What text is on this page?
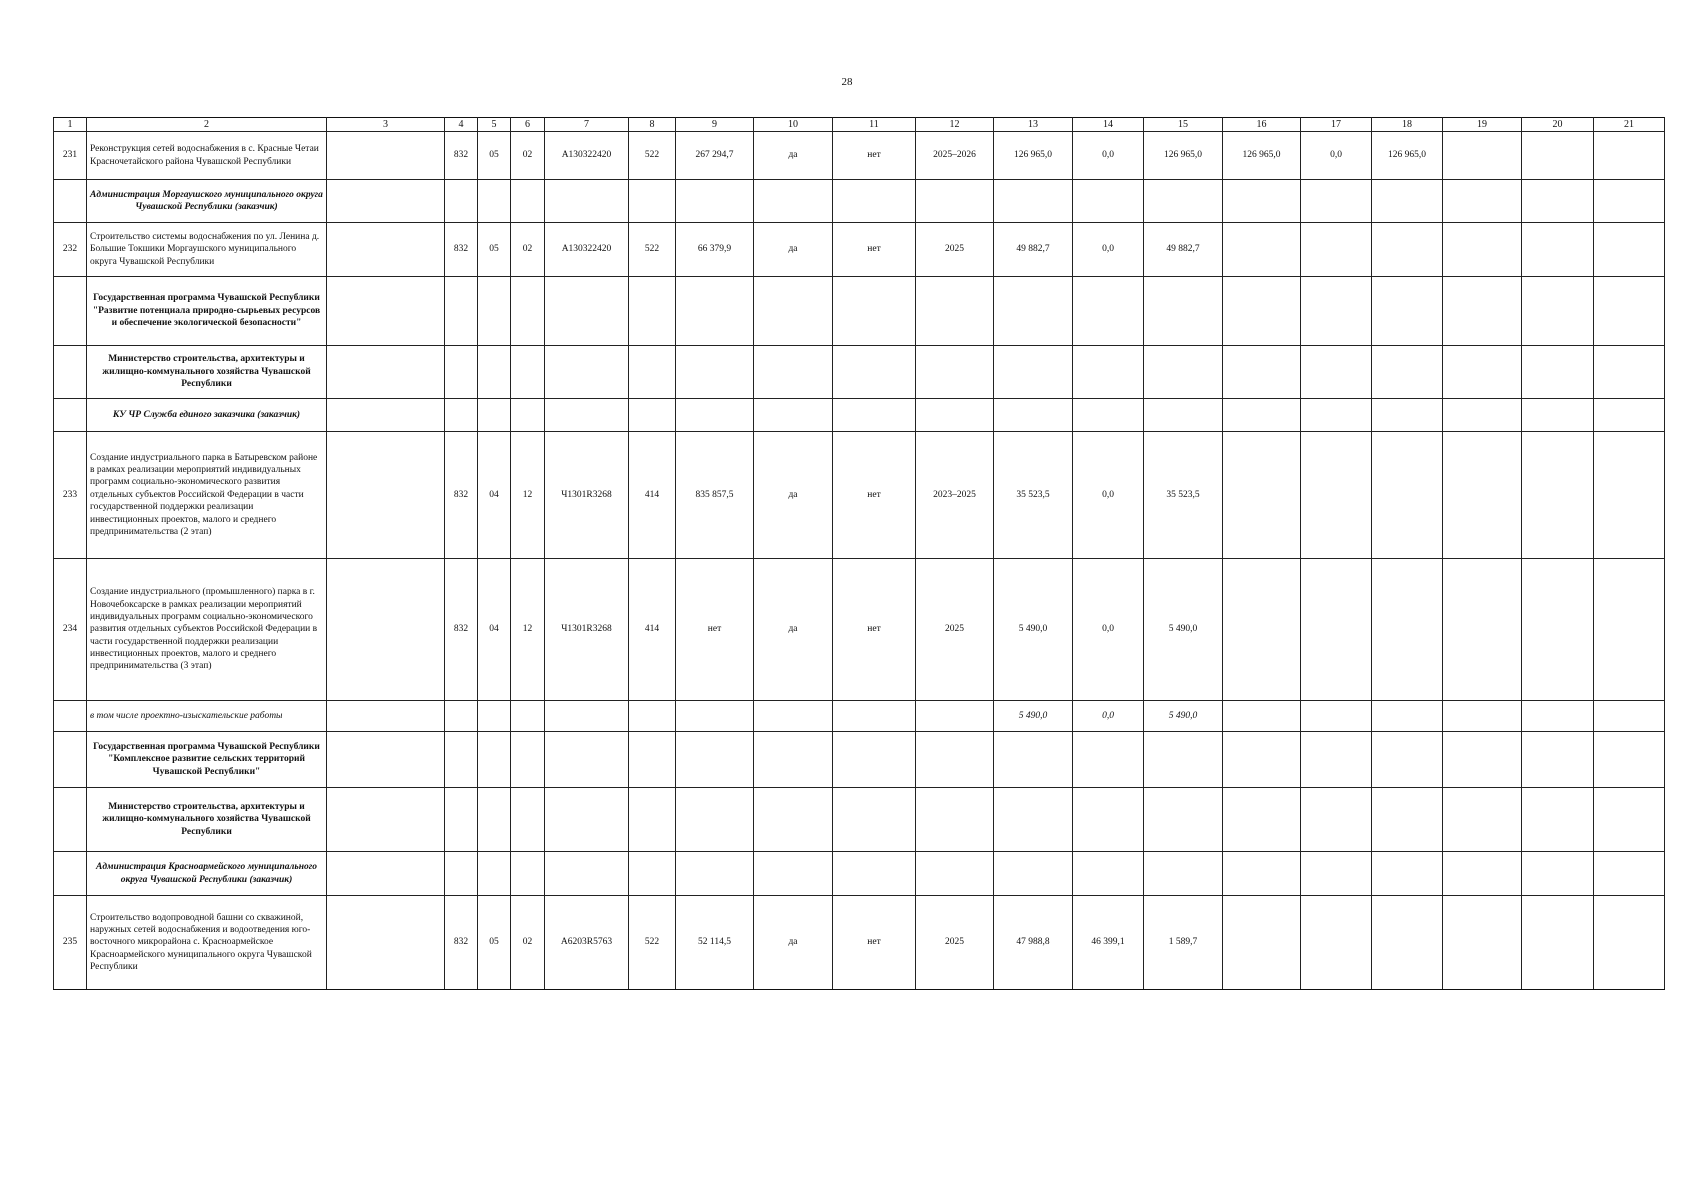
28
1	2	3	4	5	6	7	8	9	10	11	12	13	14	15	16	17	18	19	20	21
231	Реконструкция сетей водоснабжения в с. Красные Четаи Красночетайского района Чувашской Республики		832	05	02	А130322420	522	267 294,7	да	нет	2025–2026	126 965,0	0,0	126 965,0	126 965,0	0,0	126 965,0			
	Администрация Моргаушского муниципального округа Чувашской Республики (заказчик)																			
232	Строительство системы водоснабжения по ул. Ленина д. Большие Токшики Моргаушского муниципального округа Чувашской Республики		832	05	02	А130322420	522	66 379,9	да	нет	2025	49 882,7	0,0	49 882,7						
	Государственная программа Чувашской Республики "Развитие потенциала природно-сырьевых ресурсов и обеспечение экологической безопасности"																			
	Министерство строительства, архитектуры и жилищно-коммунального хозяйства Чувашской Республики																			
	КУ ЧР Служба единого заказчика (заказчик)																			
233	Создание индустриального парка в Батыревском районе в рамках реализации мероприятий индивидуальных программ социально-экономического развития отдельных субъектов Российской Федерации в части государственной поддержки реализации инвестиционных проектов, малого и среднего предпринимательства (2 этап)		832	04	12	Ч1301R3268	414	835 857,5	да	нет	2023–2025	35 523,5	0,0	35 523,5						
234	Создание индустриального (промышленного) парка в г. Новочебоксарске в рамках реализации мероприятий индивидуальных программ социально-экономического развития отдельных субъектов Российской Федерации в части государственной поддержки реализации инвестиционных проектов, малого и среднего предпринимательства (3 этап)		832	04	12	Ч1301R3268	414	нет	да	нет	2025	5 490,0	0,0	5 490,0						
	в том числе проектно-изыскательские работы											5 490,0	0,0	5 490,0						
	Государственная программа Чувашской Республики "Комплексное развитие сельских территорий Чувашской Республики"																			
	Министерство строительства, архитектуры и жилищно-коммунального хозяйства Чувашской Республики																			
	Администрация Красноармейского муниципального округа Чувашской Республики (заказчик)																			
235	Строительство водопроводной башни со скважиной, наружных сетей водоснабжения и водоотведения юго-восточного микрорайона с. Красноармейское Красноармейского муниципального округа Чувашской Республики		832	05	02	А6203R5763	522	52 114,5	да	нет	2025	47 988,8	46 399,1	1 589,7						
